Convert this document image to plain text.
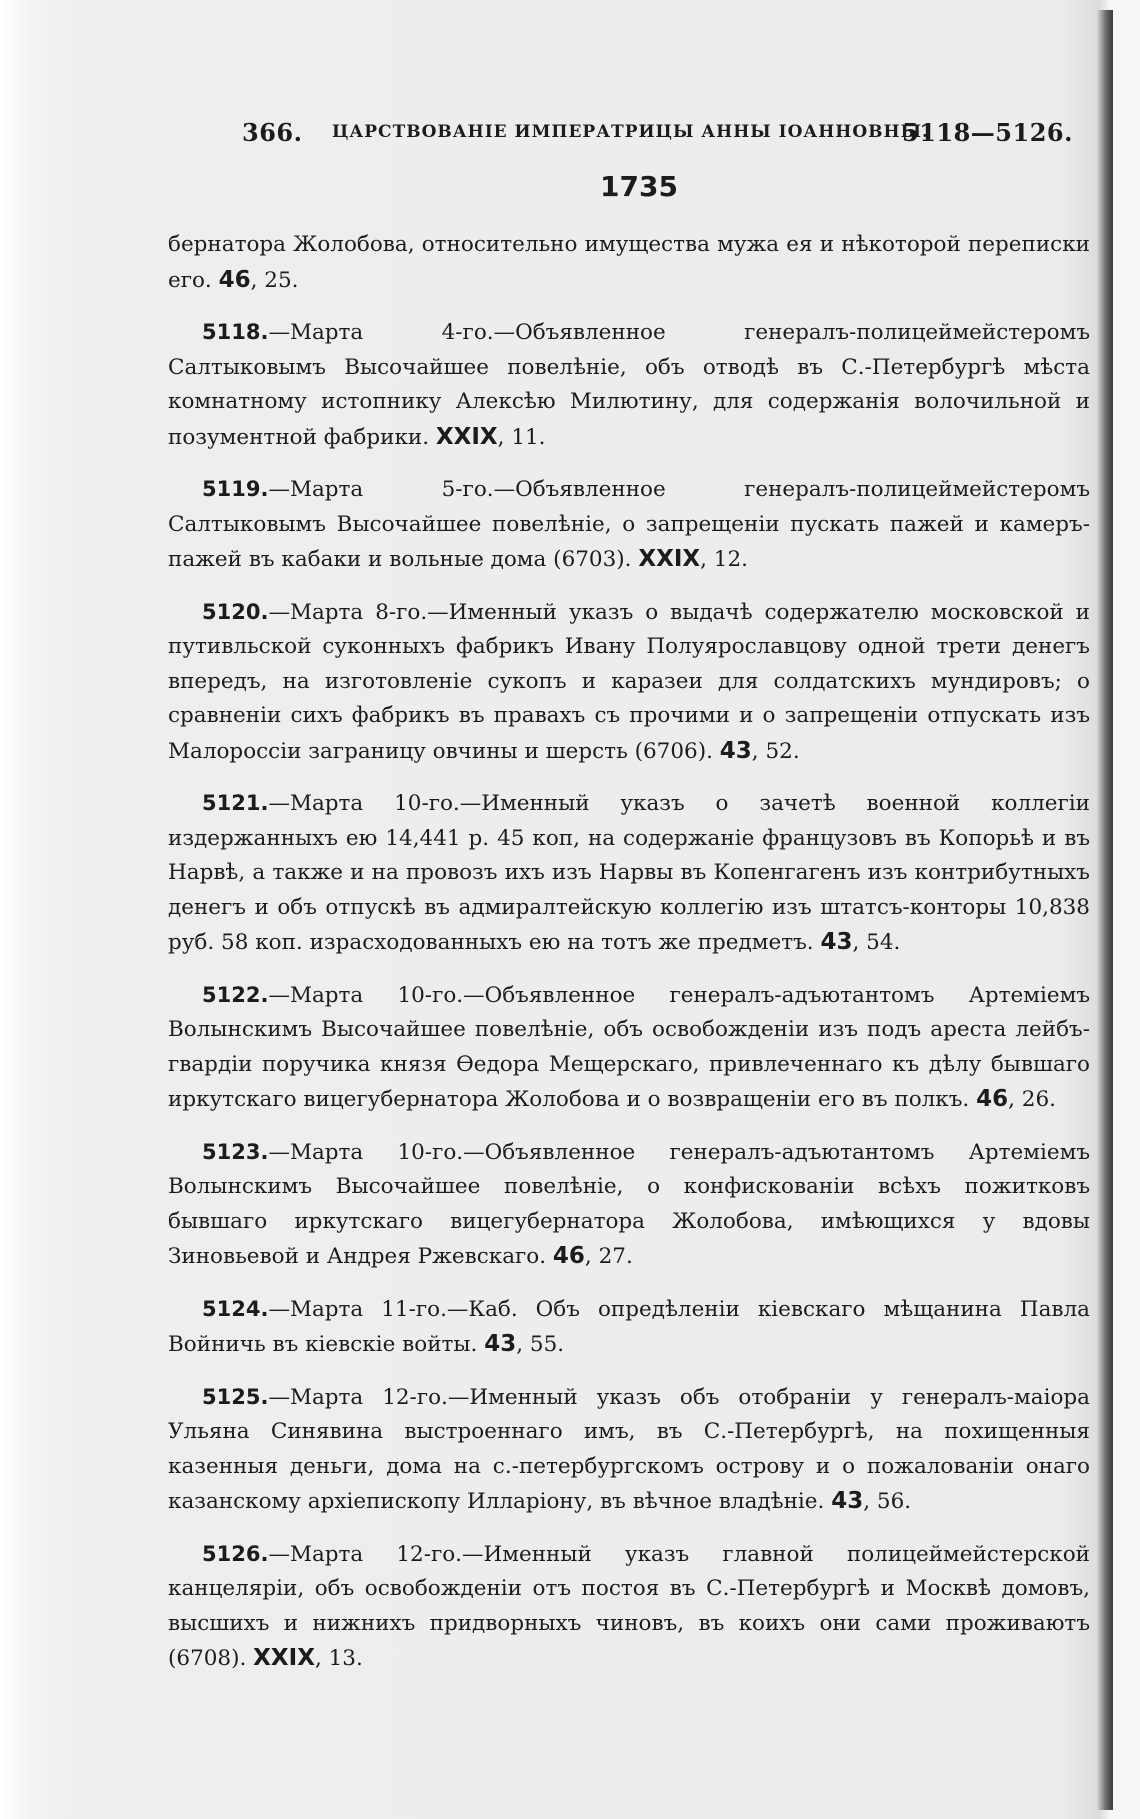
366. ЦАРСТВОВАНІЕ ИМПЕРАТРИЦЫ АННЫ ІОАННОВНЫ.
5118—5126.
1735

бернатора Жолобова, относительно имущества мужа ея и нѣкоторой переписки его. 46, 25.

5118.—Марта 4-го.—Объявленное генералъ-полицеймейстеромъ Салтыковымъ Высочайшее повелѣніе, объ отводѣ въ С.-Петербургѣ мѣста комнатному истопнику Алексѣю Милютину, для содержанія волочильной и позументной фабрики. XXIX, 11.

5119.—Марта 5-го.—Объявленное генералъ-полицеймейстеромъ Салтыковымъ Высочайшее повелѣніе, о запрещеніи пускать пажей и камеръ-пажей въ кабаки и вольные дома (6703). XXIX, 12.

5120.—Марта 8-го.—Именный указъ о выдачѣ содержателю московской и путивльской суконныхъ фабрикъ Ивану Полуярославцову одной трети денегъ впередъ, на изготовленіе сукопъ и каразеи для солдатскихъ мундировъ; о сравненіи сихъ фабрикъ въ правахъ съ прочими и о запрещеніи отпускать изъ Малороссіи заграницу овчины и шерсть (6706). 43, 52.

5121.—Марта 10-го.—Именный указъ о зачетѣ военной коллегіи издержанныхъ ею 14,441 р. 45 коп, на содержаніе французовъ въ Копорьѣ и въ Нарвѣ, а также и на провозъ ихъ изъ Нарвы въ Копенгагенъ изъ контрибутныхъ денегъ и объ отпускѣ въ адмиралтейскую коллегію изъ штатсъ-конторы 10,838 руб. 58 коп. израсходованныхъ ею на тотъ же предметъ. 43, 54.

5122.—Марта 10-го.—Объявленное генералъ-адъютантомъ Артеміемъ Волынскимъ Высочайшее повелѣніе, объ освобожденіи изъ подъ ареста лейбъ-гвардіи поручика князя Ѳедора Мещерскаго, привлеченнаго къ дѣлу бывшаго иркутскаго вицегубернатора Жолобова и о возвращеніи его въ полкъ. 46, 26.

5123.—Марта 10-го.—Объявленное генералъ-адъютантомъ Артеміемъ Волынскимъ Высочайшее повелѣніе, о конфискованіи всѣхъ пожитковъ бывшаго иркутскаго вицегубернатора Жолобова, имѣющихся у вдовы Зиновьевой и Андрея Ржевскаго. 46, 27.

5124.—Марта 11-го.—Каб. Объ опредѣленіи кіевскаго мѣщанина Павла Войничь въ кіевскіе войты. 43, 55.

5125.—Марта 12-го.—Именный указъ объ отобраніи у генералъ-маіора Ульяна Синявина выстроеннаго имъ, въ С.-Петербургѣ, на похищенныя казенныя деньги, дома на с.-петербургскомъ острову и о пожалованіи онаго казанскому архіепископу Илларіону, въ вѣчное владѣніе. 43, 56.

5126.—Марта 12-го.—Именный указъ главной полицеймейстерской канцеляріи, объ освобожденіи отъ постоя въ С.-Петербургѣ и Москвѣ домовъ, высшихъ и нижнихъ придворныхъ чиновъ, въ коихъ они сами проживаютъ (6708). XXIX, 13.
